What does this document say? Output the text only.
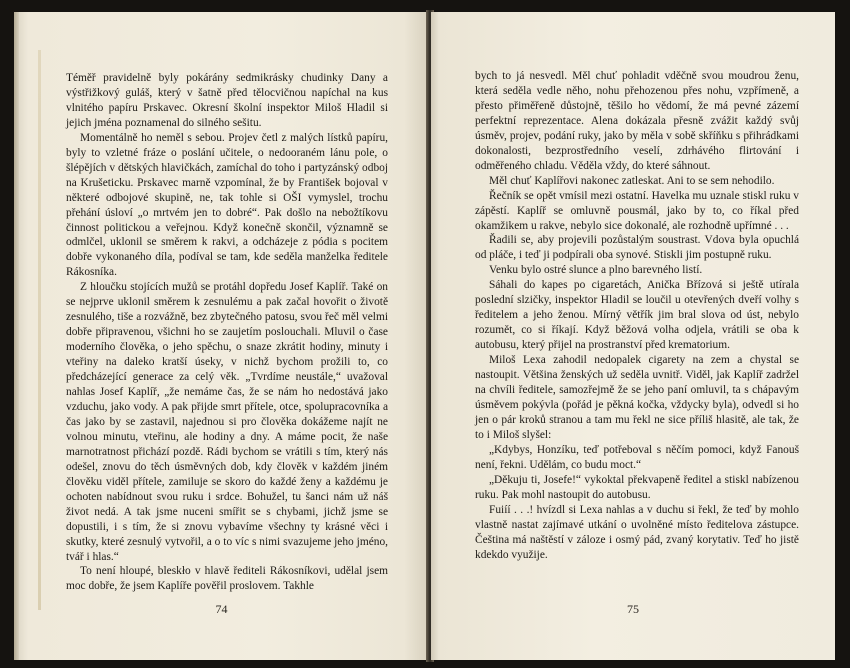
Téměř pravidelně byly pokárány sedmikrásky chudinky Dany a výstřižkový guláš, který v šatně před tělocvičnou napíchal na kus vlnitého papíru Prskavec. Okresní školní inspektor Miloš Hladil si jejich jména poznamenal do silného sešitu.

Momentálně ho neměl s sebou. Projev četl z malých lístků papíru, byly to vzletné fráze o poslání učitele, o nedooraném lánu pole, o šlépějích v dětských hlavičkách, zamíchal do toho i partyzánský odboj na Krušeticku. Prskavec marně vzpomínal, že by František bojoval v některé odbojové skupině, ne, tak tohle si OŠI vymyslel, trochu přehání úsloví „o mrtvém jen to dobré“. Pak došlo na nebožtíkovu činnost politickou a veřejnou. Když konečně skončil, významně se odmlčel, uklonil se směrem k rakvi, a odcházeje z pódia s pocitem dobře vykonaného díla, podíval se tam, kde seděla manželka ředitele Rákosníka.

Z hloučku stojících mužů se protáhl dopředu Josef Kaplíř. Také on se nejprve uklonil směrem k zesnulému a pak začal hovořit o životě zesnulého, tiše a rozvážně, bez zbytečného patosu, svou řeč měl velmi dobře připravenou, všichni ho se zaujetím poslouchali. Mluvil o čase moderního člověka, o jeho spěchu, o snaze zkrátit hodiny, minuty i vteřiny na daleko kratší úseky, v nichž bychom prožili to, co předcházející generace za celý věk. „Tvrdíme neustále,“ uvažoval nahlas Josef Kaplíř, „že nemáme čas, že se nám ho nedostává jako vzduchu, jako vody. A pak přijde smrt přítele, otce, spolupracovníka a čas jako by se zastavil, najednou si pro člověka dokážeme najít ne volnou minutu, vteřinu, ale hodiny a dny. A máme pocit, že naše marnotratnost přichází pozdě. Rádi bychom se vrátili s tím, který nás odešel, znovu do těch úsměvných dob, kdy člověk v každém jiném člověku viděl přítele, zamiluje se skoro do každé ženy a každému je ochoten nabídnout svou ruku i srdce. Bohužel, tu šanci nám už náš život nedá. A tak jsme nuceni smířit se s chybami, jichž jsme se dopustili, i s tím, že si znovu vybavíme všechny ty krásné věci i skutky, které zesnulý vytvořil, a o to víc s nimi svazujeme jeho jméno, tvář i hlas.“

To není hloupé, bleskło v hlavě řediteli Rákosníkovi, udělal jsem moc dobře, že jsem Kaplíře pověřil proslovem. Takhle

74

bych to já nesvedl. Měl chuť pohladit vděčně svou moudrou ženu, která seděla vedle něho, nohu přehozenou přes nohu, vzpřímeně, a přesto přiměřeně důstojně, těšilo ho vědomí, že má pevné zázemí perfektní reprezentace. Alena dokázala přesně zvážit každý svůj úsměv, projev, podání ruky, jako by měla v sobě skříňku s přihrádkami dokonalosti, bezprostředního veselí, zdrhávého flirtování i odměřeného chladu. Věděla vždy, do které sáhnout.

Měl chuť Kaplířovi nakonec zatleskat. Ani to se sem nehodilo.

Řečník se opět vmísil mezi ostatní. Havelka mu uznale stiskl ruku v zápěstí. Kaplíř se omluvně pousmál, jako by to, co říkal před okamžikem u rakve, nebylo sice dokonalé, ale rozhodně upřímné . . .

Řadili se, aby projevili pozůstalým soustrast. Vdova byla opuchlá od pláče, i teď ji podpírali oba synové. Stiskli jim postupně ruku.

Venku bylo ostré slunce a plno barevného listí.

Sáhali do kapes po cigaretách, Anička Břízová si ještě utírala poslední slzičky, inspektor Hladil se loučil u otevřených dveří volhy s ředitelem a jeho ženou. Mírný větřík jim bral slova od úst, nebylo rozumět, co si říkají. Když běžová volha odjela, vrátili se oba k autobusu, který přijel na prostranství před krematorium.

Miloš Lexa zahodil nedopalek cigarety na zem a chystal se nastoupit. Většina ženských už seděla uvnitř. Viděl, jak Kaplíř zadržel na chvíli ředitele, samozřejmě že se jeho paní omluvil, ta s chápavým úsměvem pokývla (pořád je pěkná kočka, vždycky byla), odvedl si ho jen o pár kroků stranou a tam mu řekl ne sice příliš hlasitě, ale tak, že to i Miloš slyšel:

„Kdybys, Honzíku, teď potřeboval s něčím pomoci, když Fanouš není, řekni. Udělám, co budu moct.“

„Děkuju ti, Josefe!“ vykoktal překvapeně ředitel a stiskl nabízenou ruku. Pak mohl nastoupit do autobusu.

Fuiíí . . .! hvízdl si Lexa nahlas a v duchu si řekl, že teď by mohlo vlastně nastat zajímavé utkání o uvolněné místo ředitelova zástupce. Čeština má naštěstí v záloze i osmý pád, zvaný korytativ. Teď ho jistě kdekdo využije.

75
